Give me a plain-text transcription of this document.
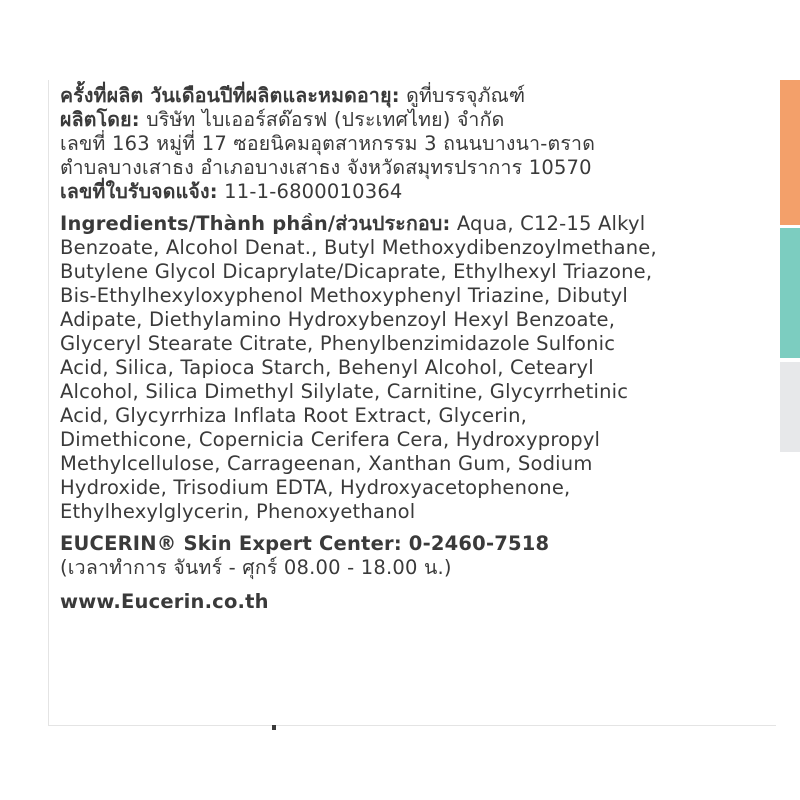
ครั้งที่ผลิต วันเดือนปีที่ผลิตและหมดอายุ: ดูที่บรรจุภัณฑ์
ผลิตโดย: บริษัท ไบเออร์สด๊อรฟ (ประเทศไทย) จำกัด
เลขที่ 163 หมู่ที่ 17 ซอยนิคมอุตสาหกรรม 3 ถนนบางนา-ตราด
ตำบลบางเสาธง อำเภอบางเสาธง จังหวัดสมุทรปราการ 10570
เลขที่ใบรับจดแจ้ง: 11-1-6800010364
Ingredients/Thành phần/ส่วนประกอบ: Aqua, C12-15 Alkyl
Benzoate, Alcohol Denat., Butyl Methoxydibenzoylmethane,
Butylene Glycol Dicaprylate/Dicaprate, Ethylhexyl Triazone,
Bis-Ethylhexyloxyphenol Methoxyphenyl Triazine, Dibutyl
Adipate, Diethylamino Hydroxybenzoyl Hexyl Benzoate,
Glyceryl Stearate Citrate, Phenylbenzimidazole Sulfonic
Acid, Silica, Tapioca Starch, Behenyl Alcohol, Cetearyl
Alcohol, Silica Dimethyl Silylate, Carnitine, Glycyrrhetinic
Acid, Glycyrrhiza Inflata Root Extract, Glycerin,
Dimethicone, Copernicia Cerifera Cera, Hydroxypropyl
Methylcellulose, Carrageenan, Xanthan Gum, Sodium
Hydroxide, Trisodium EDTA, Hydroxyacetophenone,
Ethylhexylglycerin, Phenoxyethanol
EUCERIN® Skin Expert Center: 0-2460-7518
(เวลาทำการ จันทร์ - ศุกร์ 08.00 - 18.00 น.)
www.Eucerin.co.th
